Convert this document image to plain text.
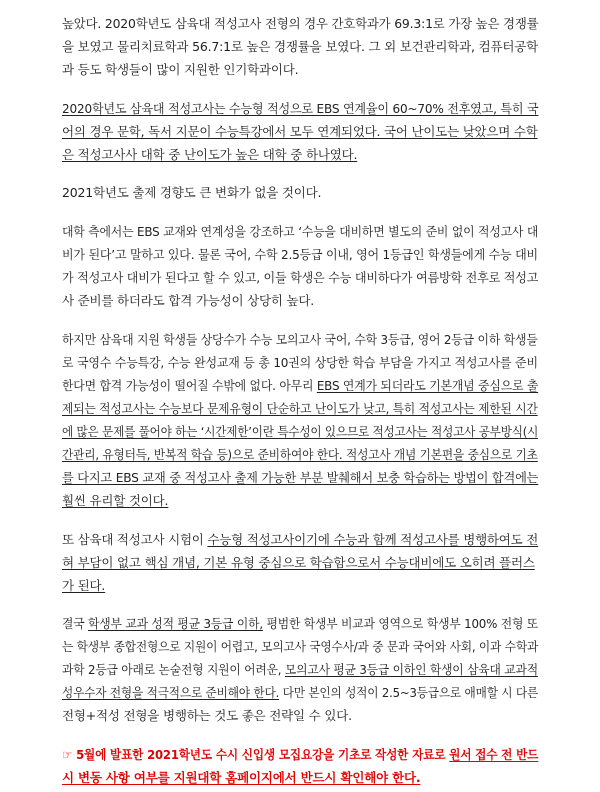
높았다. 2020학년도 삼육대 적성고사 전형의 경우 간호학과가 69.3:1로 가장 높은 경쟁률
을 보였고 물리치료학과 56.7:1로 높은 경쟁률을 보였다. 그 외 보건관리학과, 컴퓨터공학
과 등도 학생들이 많이 지원한 인기학과이다.
2020학년도 삼육대 적성고사는 수능형 적성으로 EBS 연계율이 60~70% 전후였고, 특히 국
어의 경우 문학, 독서 지문이 수능특강에서 모두 연계되었다. 국어 난이도는 낮았으며 수학
은 적성고사사 대학 중 난이도가 높은 대학 중 하나였다.
2021학년도 출제 경향도 큰 변화가 없을 것이다.
대학 측에서는 EBS 교재와 연계성을 강조하고 ‘수능을 대비하면 별도의 준비 없이 적성고사 대
비가 된다’고 말하고 있다. 물론 국어, 수학 2.5등급 이내, 영어 1등급인 학생들에게 수능 대비
가 적성고사 대비가 된다고 할 수 있고, 이들 학생은 수능 대비하다가 여름방학 전후로 적성고
사 준비를 하더라도 합격 가능성이 상당히 높다.
하지만 삼육대 지원 학생들 상당수가 수능 모의고사 국어, 수학 3등급, 영어 2등급 이하 학생들
로 국영수 수능특강, 수능 완성교재 등 총 10권의 상당한 학습 부담을 가지고 적성고사를 준비
한다면 합격 가능성이 떨어질 수밖에 없다. 아무리 EBS 연계가 되더라도 기본개념 중심으로 출
제되는 적성고사는 수능보다 문제유형이 단순하고 난이도가 낮고, 특히 적성고사는 제한된 시간
에 많은 문제를 풀어야 하는 ‘시간제한’이란 특수성이 있으므로 적성고사는 적성고사 공부방식(시
간관리, 유형터득, 반복적 학습 등)으로 준비하여야 한다. 적성고사 개념 기본편을 중심으로 기초
를 다지고 EBS 교재 중 적성고사 출제 가능한 부분 발췌해서 보충 학습하는 방법이 합격에는
훨씬 유리할 것이다.
또 삼육대 적성고사 시험이 수능형 적성고사이기에 수능과 함께 적성고사를 병행하여도 전
혀 부담이 없고 핵심 개념, 기본 유형 중심으로 학습함으로서 수능대비에도 오히려 플러스
가 된다.
결국 학생부 교과 성적 평균 3등급 이하, 평범한 학생부 비교과 영역으로 학생부 100% 전형 또
는 학생부 종합전형으로 지원이 어렵고, 모의고사 국영수사/과 중 문과 국어와 사회, 이과 수학과
과학 2등급 아래로 논술전형 지원이 어려운, 모의고사 평균 3등급 이하인 학생이 삼육대 교과적
성우수자 전형을 적극적으로 준비해야 한다. 다만 본인의 성적이 2.5~3등급으로 애매할 시 다른
전형+적성 전형을 병행하는 것도 좋은 전략일 수 있다.
☞ 5월에 발표한 2021학년도 수시 신입생 모집요강을 기초로 작성한 자료로 원서 접수 전 반드
시 변동 사항 여부를 지원대학 홈페이지에서 반드시 확인해야 한다.
